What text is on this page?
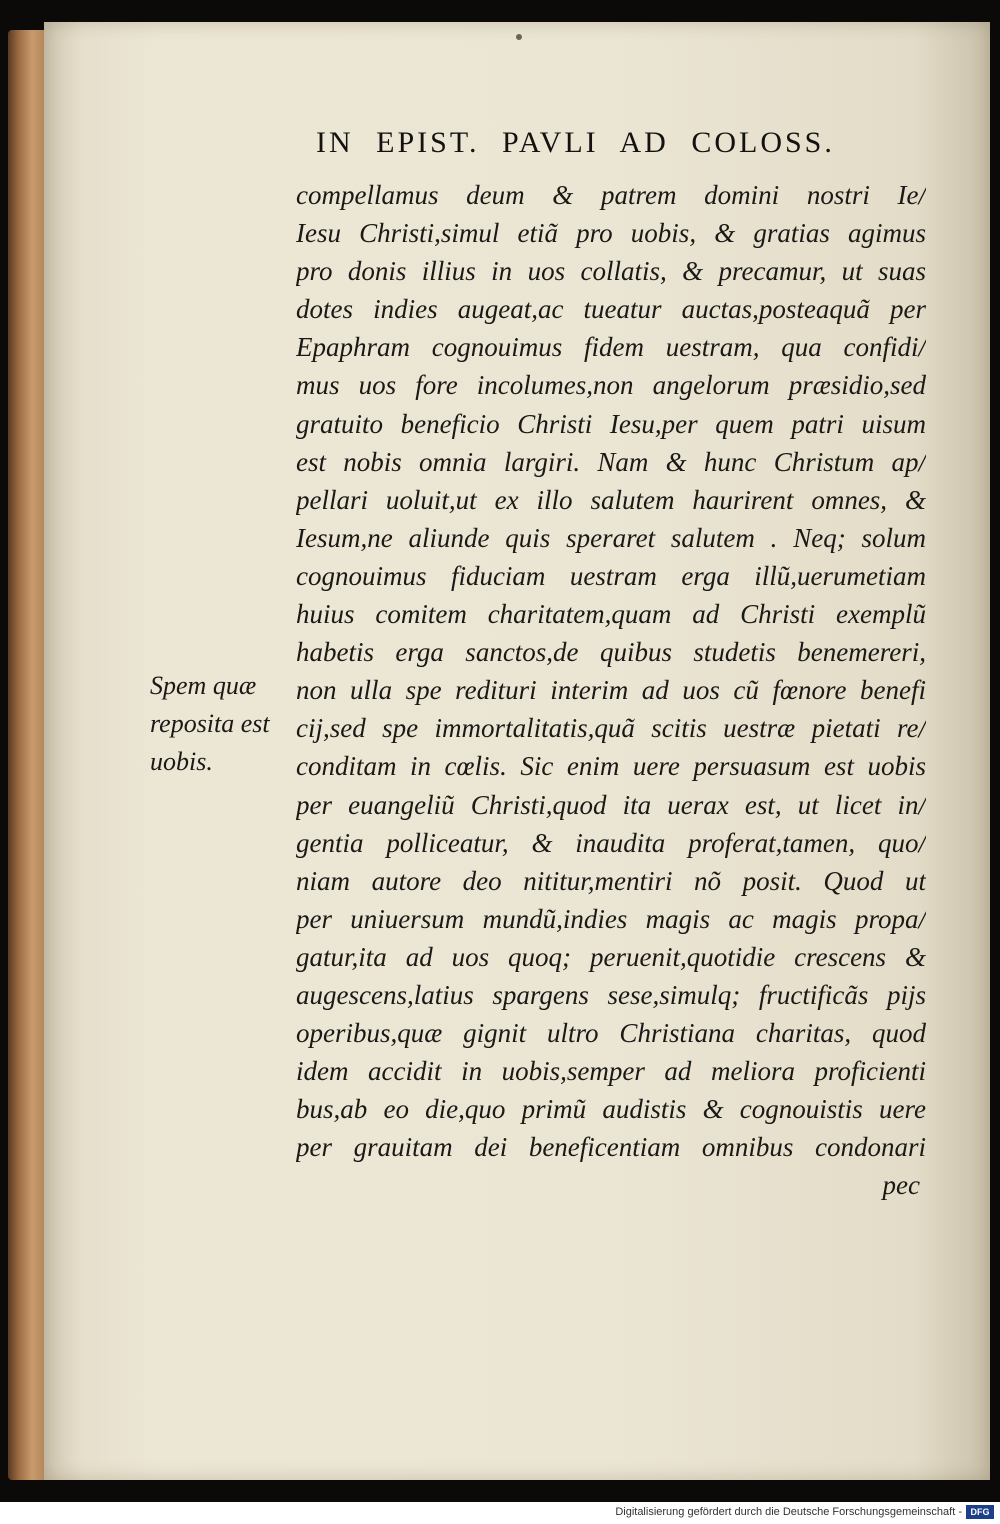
IN EPIST. PAVLI AD COLOSS.
compellamus deum & patrem domini nostri Ie/
Iesu Christi,simul etiã pro uobis, & gratias agimus
pro donis illius in uos collatis, & precamur, ut suas
dotes indies augeat,ac tueatur auctas,posteaquã per
Epaphram cognouimus fidem uestram, qua confidi/
mus uos fore incolumes,non angelorum præsidio,sed
gratuito beneficio Christi Iesu,per quem patri uisum
est nobis omnia largiri. Nam & hunc Christum ap/
pellari uoluit,ut ex illo salutem haurirent omnes, &
Iesum,ne aliunde quis speraret salutem . Neq; solum
cognouimus fiduciam uestram erga illũ,uerumetiam
huius comitem charitatem,quam ad Christi exemplũ
habetis erga sanctos,de quibus studetis benemereri,
non ulla spe redituri interim ad uos cũ fœnore benefi
cij,sed spe immortalitatis,quã scitis uestræ pietati re/
conditam in cœlis. Sic enim uere persuasum est uobis
per euangeliũ Christi,quod ita uerax est, ut licet in/
gentia polliceatur, & inaudita proferat,tamen, quo/
niam autore deo nititur,mentiri nõ posit. Quod ut
per uniuersum mundũ,indies magis ac magis propa/
gatur,ita ad uos quoq; peruenit,quotidie crescens &
augescens,latius spargens sese,simulq; fructificãs pijs
operibus,quæ gignit ultro Christiana charitas, quod
idem accidit in uobis,semper ad meliora proficienti
bus,ab eo die,quo primũ audistis & cognouistis uere
per grauitam dei beneficentiam omnibus condonari
pec
Spem quæ
reposita est
uobis.
Digitalisierung gefördert durch die Deutsche Forschungsgemeinschaft - DFG
